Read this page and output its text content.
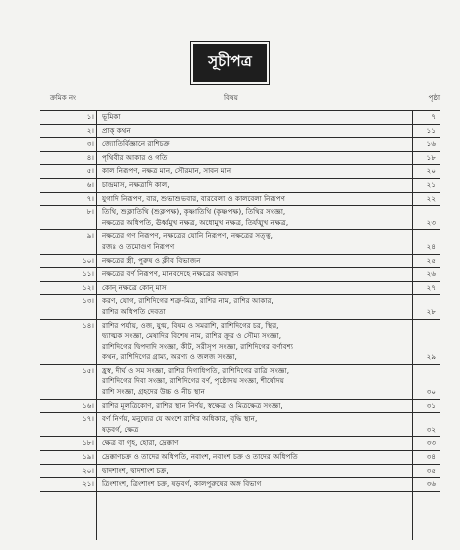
সূচীপত্র
ক্রমিক নং	বিষয়	পৃষ্ঠা
১। ভূমিকা	৭
২। প্রাক্‌ কথন	১১
৩। জ্যোতির্বিজ্ঞানে রাশিচক্র	১৬
৪। পৃথিবীর আকার ও গতি	১৮
৫। কাল নিরূপণ, নক্ষত্র মান, সৌরমান, সাবন মান	২০
৬। চান্দ্রমাস, নক্ষত্রাদি কাল,	২১
৭। যুগাদি নিরূপণ, বার, শুভাশুভবার, বারবেলা ও কালবেলা নিরূপণ	২২
৮। তিথি, শুক্লাতিথি (শুক্লপক্ষ), কৃষ্ণাতিথি (কৃষ্ণপক্ষ), তিথির সংজ্ঞা,
নক্ষত্রের অধিপতি, ঊর্ধ্বমুখ নক্ষত্র, অধোমুখ নক্ষত্র, তির্যঙ্মুখ নক্ষত্র,	২৩
৯। নক্ষত্রের গণ নিরূপণ, নক্ষত্রের যোনি নিরূপণ, নক্ষত্রের সত্ত্ব,
রজঃ ও তমোগুণ নিরূপণ	২৪
১০। নক্ষত্রের স্ত্রী, পুরুষ ও ক্লীব বিভাজন	২৫
১১। নক্ষত্রের বর্ণ নিরূপণ, মানবদেহে নক্ষত্রের অবস্থান	২৬
১২। কোন্‌ নক্ষত্রে কোন্‌ মাস	২৭
১৩। করণ, যোগ, রাশিদিগের শত্রু-মিত্র, রাশির নাম, রাশির আকার,
রাশির অধিপতি দেবতা	২৮
১৪। রাশির পর্যায়, ওজ, যুগ্ম, বিষম ও সমরাশি, রাশিদিগের চর, স্থির,
দ্ব্যাত্মক সংজ্ঞা, মেষাদির বিশেষ নাম, রাশির ক্রূর ও সৌম্য সংজ্ঞা,
রাশিদিগের দ্বিপদাদি সংজ্ঞা, কীট, সরীসৃপ সংজ্ঞা, রাশিদিগের বর্ণাবশ্য
কথন, রাশিদিগের গ্রাম্য, অরণ্য ও জলজ সংজ্ঞা,	২৯
১৫। হ্রস্ব, দীর্ঘ ও সম সংজ্ঞা, রাশির দিগাধিপতি, রাশিদিগের রাত্রি সংজ্ঞা,
রাশিদিগের দিবা সংজ্ঞা, রাশিদিগের বর্ণ, পৃষ্ঠোদয় সংজ্ঞা, শীর্ষোদয়
রাশি সংজ্ঞা, গ্রহদের উচ্চ ও নীচ স্থান	৩০
১৬। রাশির মূলত্রিকোণ, রাশির স্থান নির্ণয়, স্বক্ষেত্র ও মিত্রক্ষেত্র সংজ্ঞা,	৩১
১৭। বর্ণ নির্ণয়, মনুষ্যের যে অংশে রাশির অধিকার, বৃদ্ধি স্থান,
ষড়বর্গ, ক্ষেত্র	৩২
১৮। ক্ষেত্র বা গৃহ, হোরা, দ্রেক্কাণ	৩৩
১৯। দ্রেক্কাণচক্র ও তাদের অধিপতি, নবাংশ, নবাংশ চক্র ও তাদের অধিপতি	৩৪
২০। দ্বাদশাংশ, দ্বাদশাংশ চক্র,	৩৫
২১। ত্রিংশাংশ, ত্রিংশাংশ চক্র, ষড়বর্গ, কালপুরুষের অঙ্গ বিভাগ	৩৬
